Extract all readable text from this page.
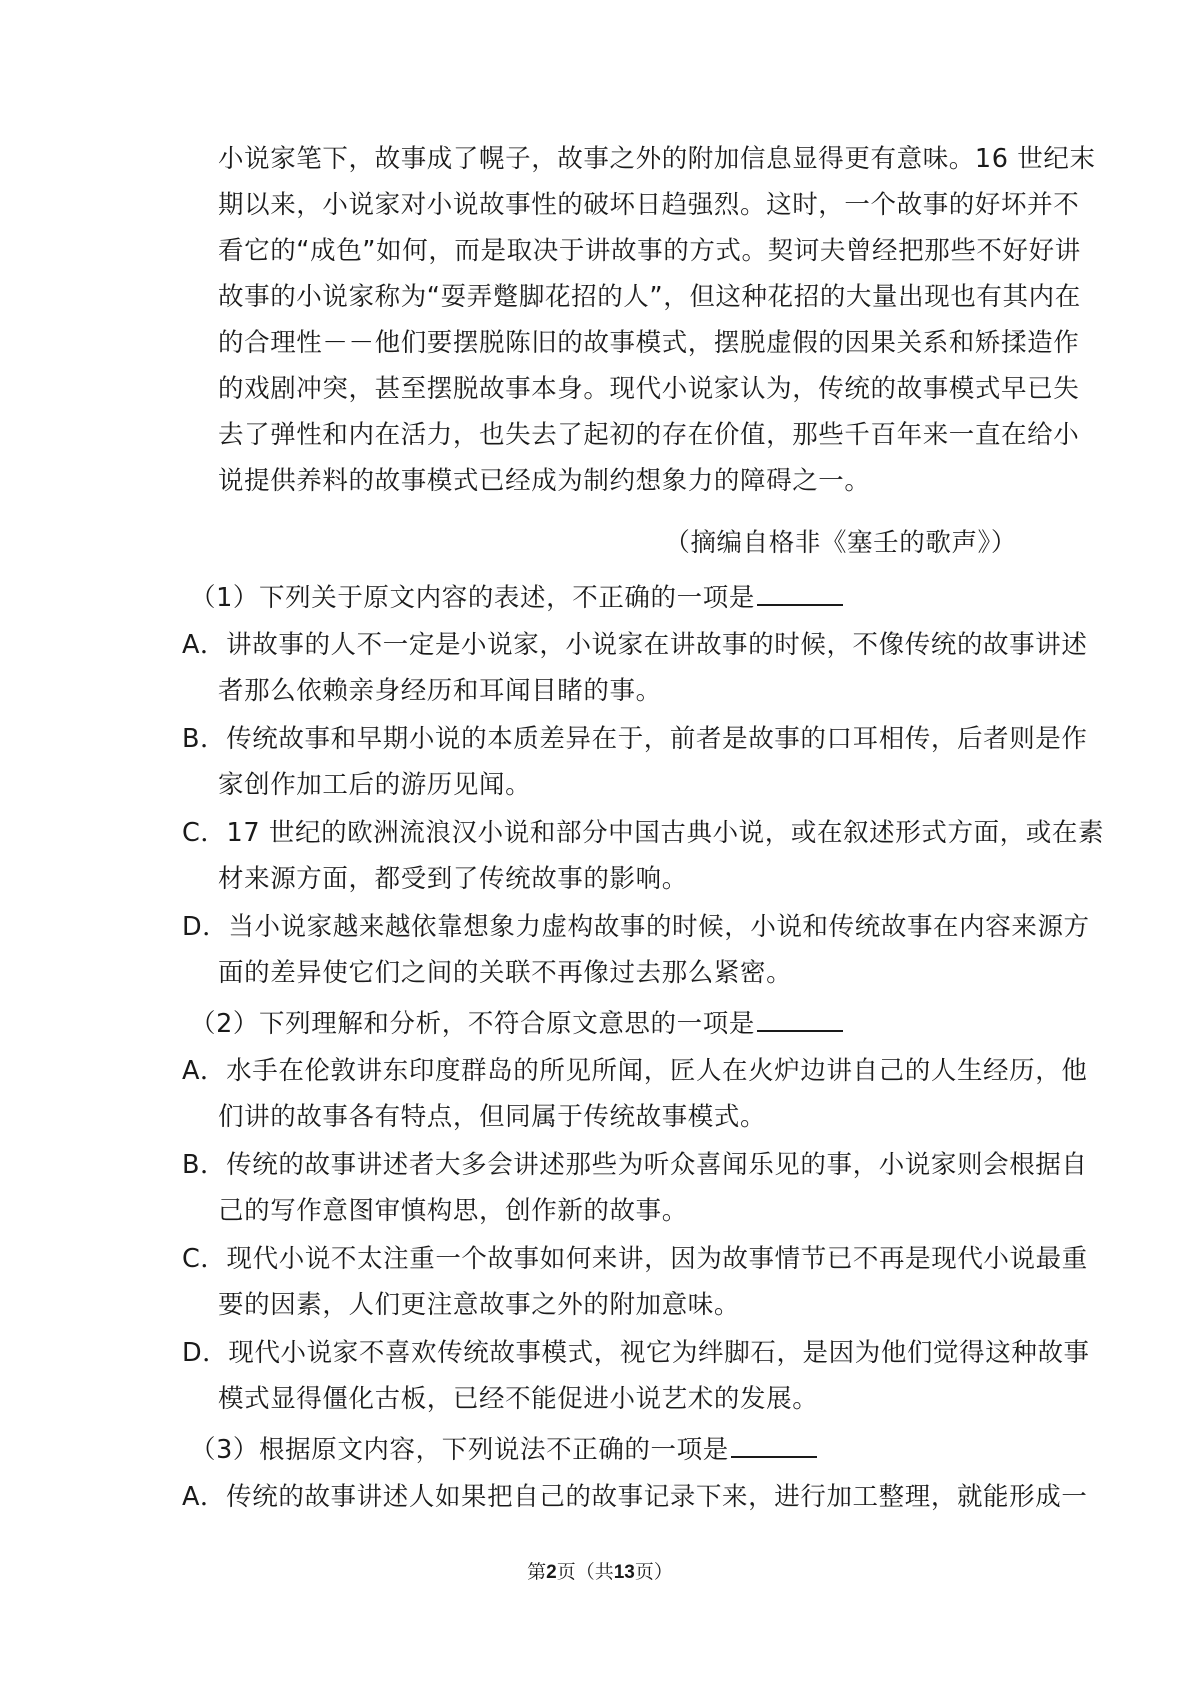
小说家笔下，故事成了幌子，故事之外的附加信息显得更有意味。16 世纪末
期以来，小说家对小说故事性的破坏日趋强烈。这时，一个故事的好坏并不
看它的“成色”如何，而是取决于讲故事的方式。契诃夫曾经把那些不好好讲
故事的小说家称为“耍弄蹩脚花招的人”，但这种花招的大量出现也有其内在
的合理性－－他们要摆脱陈旧的故事模式，摆脱虚假的因果关系和矫揉造作
的戏剧冲突，甚至摆脱故事本身。现代小说家认为，传统的故事模式早已失
去了弹性和内在活力，也失去了起初的存在价值，那些千百年来一直在给小
说提供养料的故事模式已经成为制约想象力的障碍之一。
（摘编自格非《塞壬的歌声》）
（1）下列关于原文内容的表述，不正确的一项是
A．讲故事的人不一定是小说家，小说家在讲故事的时候，不像传统的故事讲述
者那么依赖亲身经历和耳闻目睹的事。
B．传统故事和早期小说的本质差异在于，前者是故事的口耳相传，后者则是作
家创作加工后的游历见闻。
C．17 世纪的欧洲流浪汉小说和部分中国古典小说，或在叙述形式方面，或在素
材来源方面，都受到了传统故事的影响。
D．当小说家越来越依靠想象力虚构故事的时候，小说和传统故事在内容来源方
面的差异使它们之间的关联不再像过去那么紧密。
（2）下列理解和分析，不符合原文意思的一项是
A．水手在伦敦讲东印度群岛的所见所闻，匠人在火炉边讲自己的人生经历，他
们讲的故事各有特点，但同属于传统故事模式。
B．传统的故事讲述者大多会讲述那些为听众喜闻乐见的事，小说家则会根据自
己的写作意图审慎构思，创作新的故事。
C．现代小说不太注重一个故事如何来讲，因为故事情节已不再是现代小说最重
要的因素，人们更注意故事之外的附加意味。
D．现代小说家不喜欢传统故事模式，视它为绊脚石，是因为他们觉得这种故事
模式显得僵化古板，已经不能促进小说艺术的发展。
（3）根据原文内容，下列说法不正确的一项是
A．传统的故事讲述人如果把自己的故事记录下来，进行加工整理，就能形成一
第2页（共13页）
